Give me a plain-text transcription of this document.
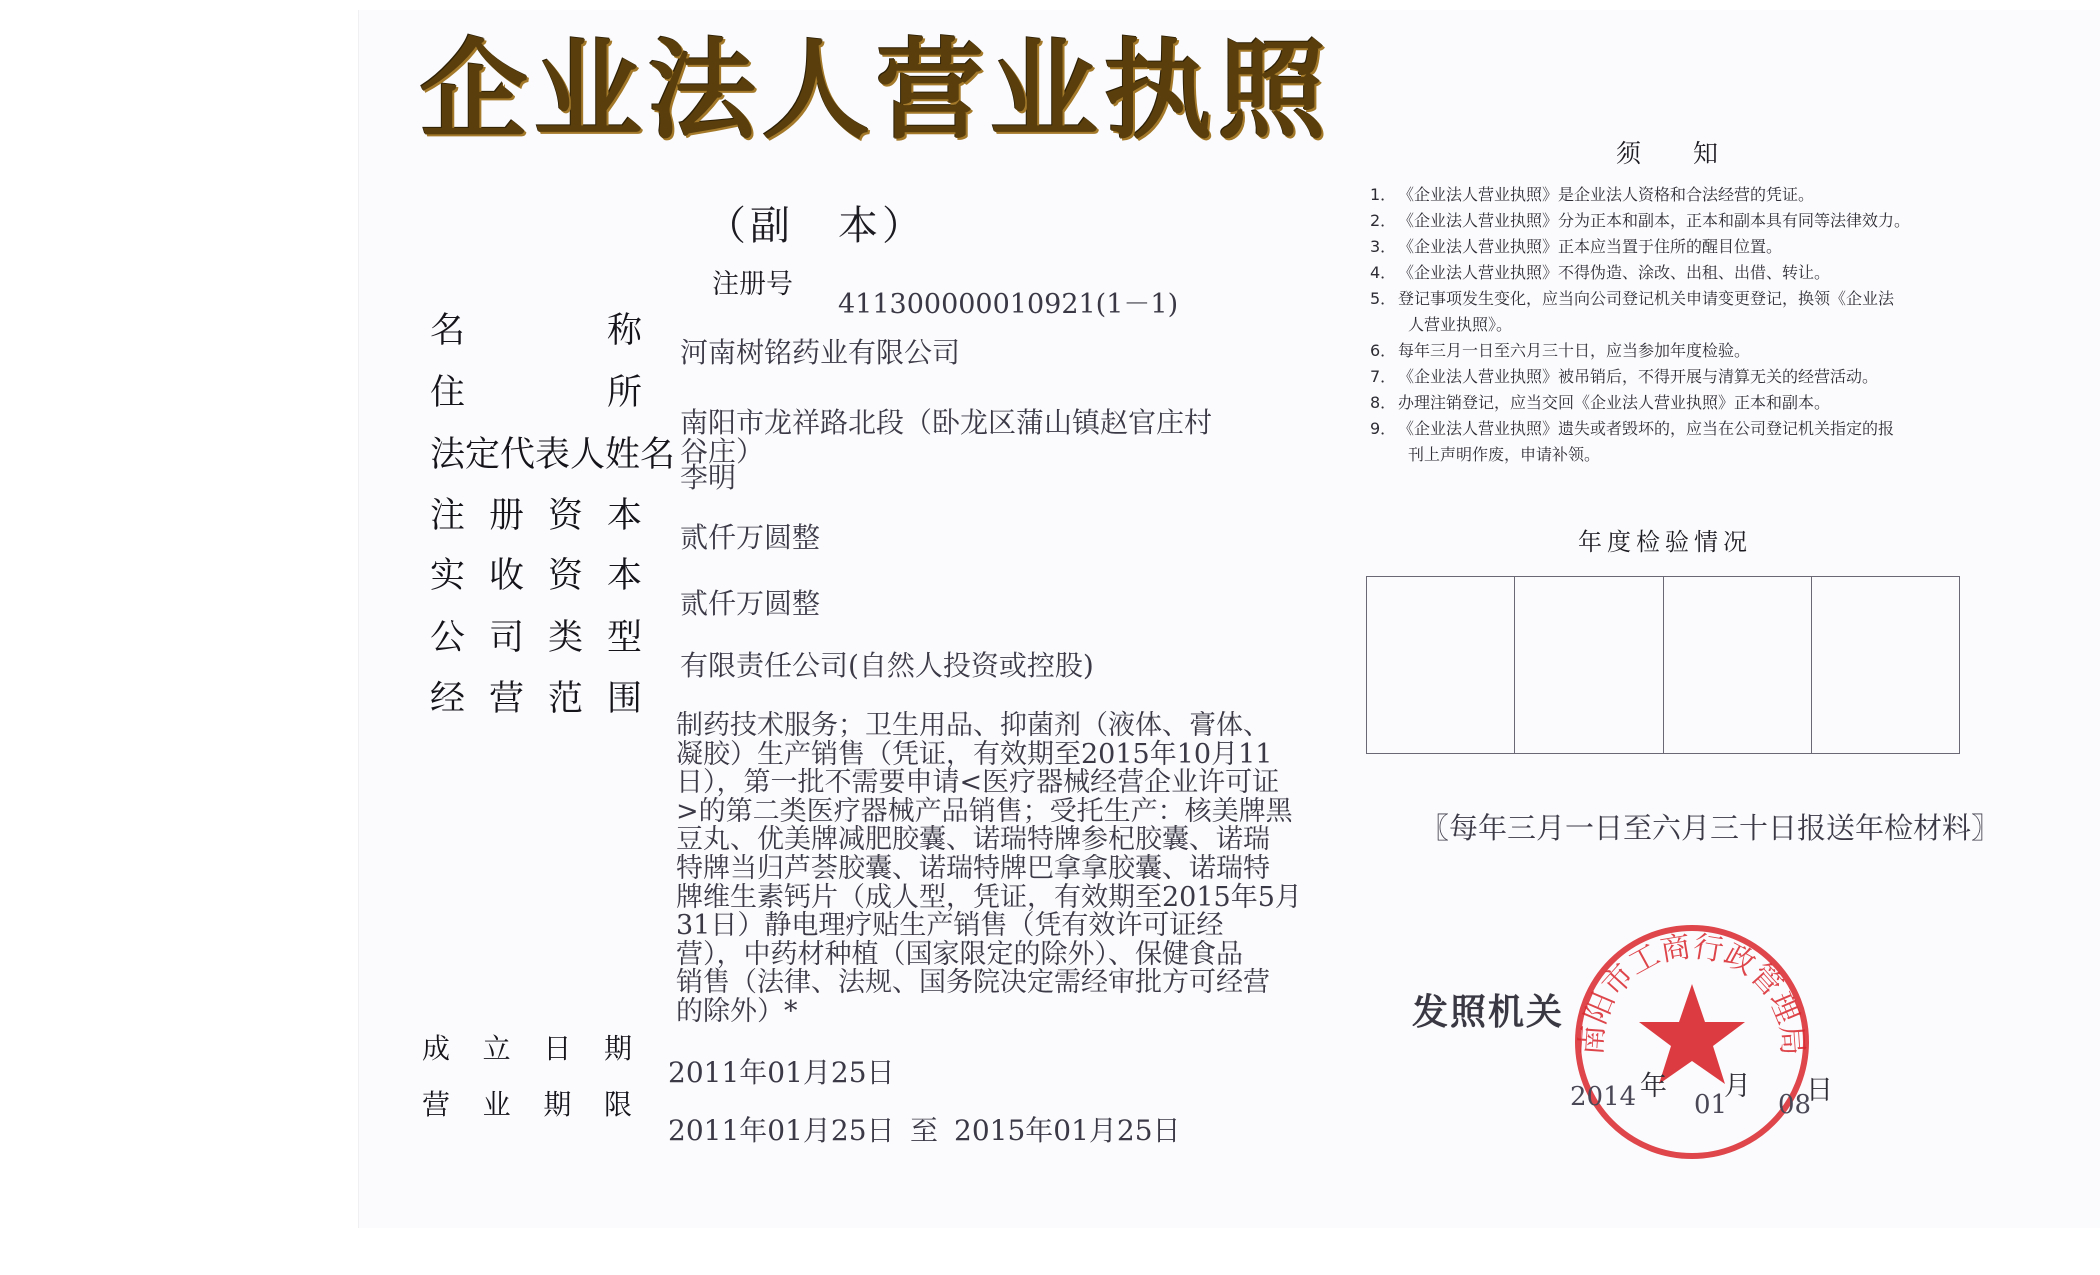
企业法人营业执照
（副　本）
注册号
411300000010921(1－1)
名称
河南树铭药业有限公司
住所
南阳市龙祥路北段（卧龙区蒲山镇赵官庄村
谷庄）
法定代表人姓名
李明
注册资本
贰仟万圆整
实收资本
贰仟万圆整
公司类型
有限责任公司(自然人投资或控股)
经营范围
制药技术服务；卫生用品、抑菌剂（液体、膏体、
凝胶）生产销售（凭证，有效期至2015年10月11
日），第一批不需要申请<医疗器械经营企业许可证
>的第二类医疗器械产品销售；受托生产：核美牌黑
豆丸、优美牌减肥胶囊、诺瑞特牌参杞胶囊、诺瑞
特牌当归芦荟胶囊、诺瑞特牌巴拿拿胶囊、诺瑞特
牌维生素钙片（成人型，凭证，有效期至2015年5月
31日）静电理疗贴生产销售（凭有效许可证经
营），中药材种植（国家限定的除外）、保健食品
销售（法律、法规、国务院决定需经审批方可经营
的除外）*
成立日期
2011年01月25日
营业期限
2011年01月25日 至 2015年01月25日
须知
1． 《企业法人营业执照》是企业法人资格和合法经营的凭证。
2． 《企业法人营业执照》分为正本和副本，正本和副本具有同等法律效力。
3． 《企业法人营业执照》正本应当置于住所的醒目位置。
4． 《企业法人营业执照》不得伪造、涂改、出租、出借、转让。
5． 登记事项发生变化，应当向公司登记机关申请变更登记，换领《企业法
人营业执照》。
6． 每年三月一日至六月三十日，应当参加年度检验。
7． 《企业法人营业执照》被吊销后，不得开展与清算无关的经营活动。
8． 办理注销登记，应当交回《企业法人营业执照》正本和副本。
9． 《企业法人营业执照》遗失或者毁坏的，应当在公司登记机关指定的报
刊上声明作废，申请补领。
年度检验情况
〖每年三月一日至六月三十日报送年检材料〗
发照机关
南阳市工商行政管理局
2014 年
01
月
08
日
